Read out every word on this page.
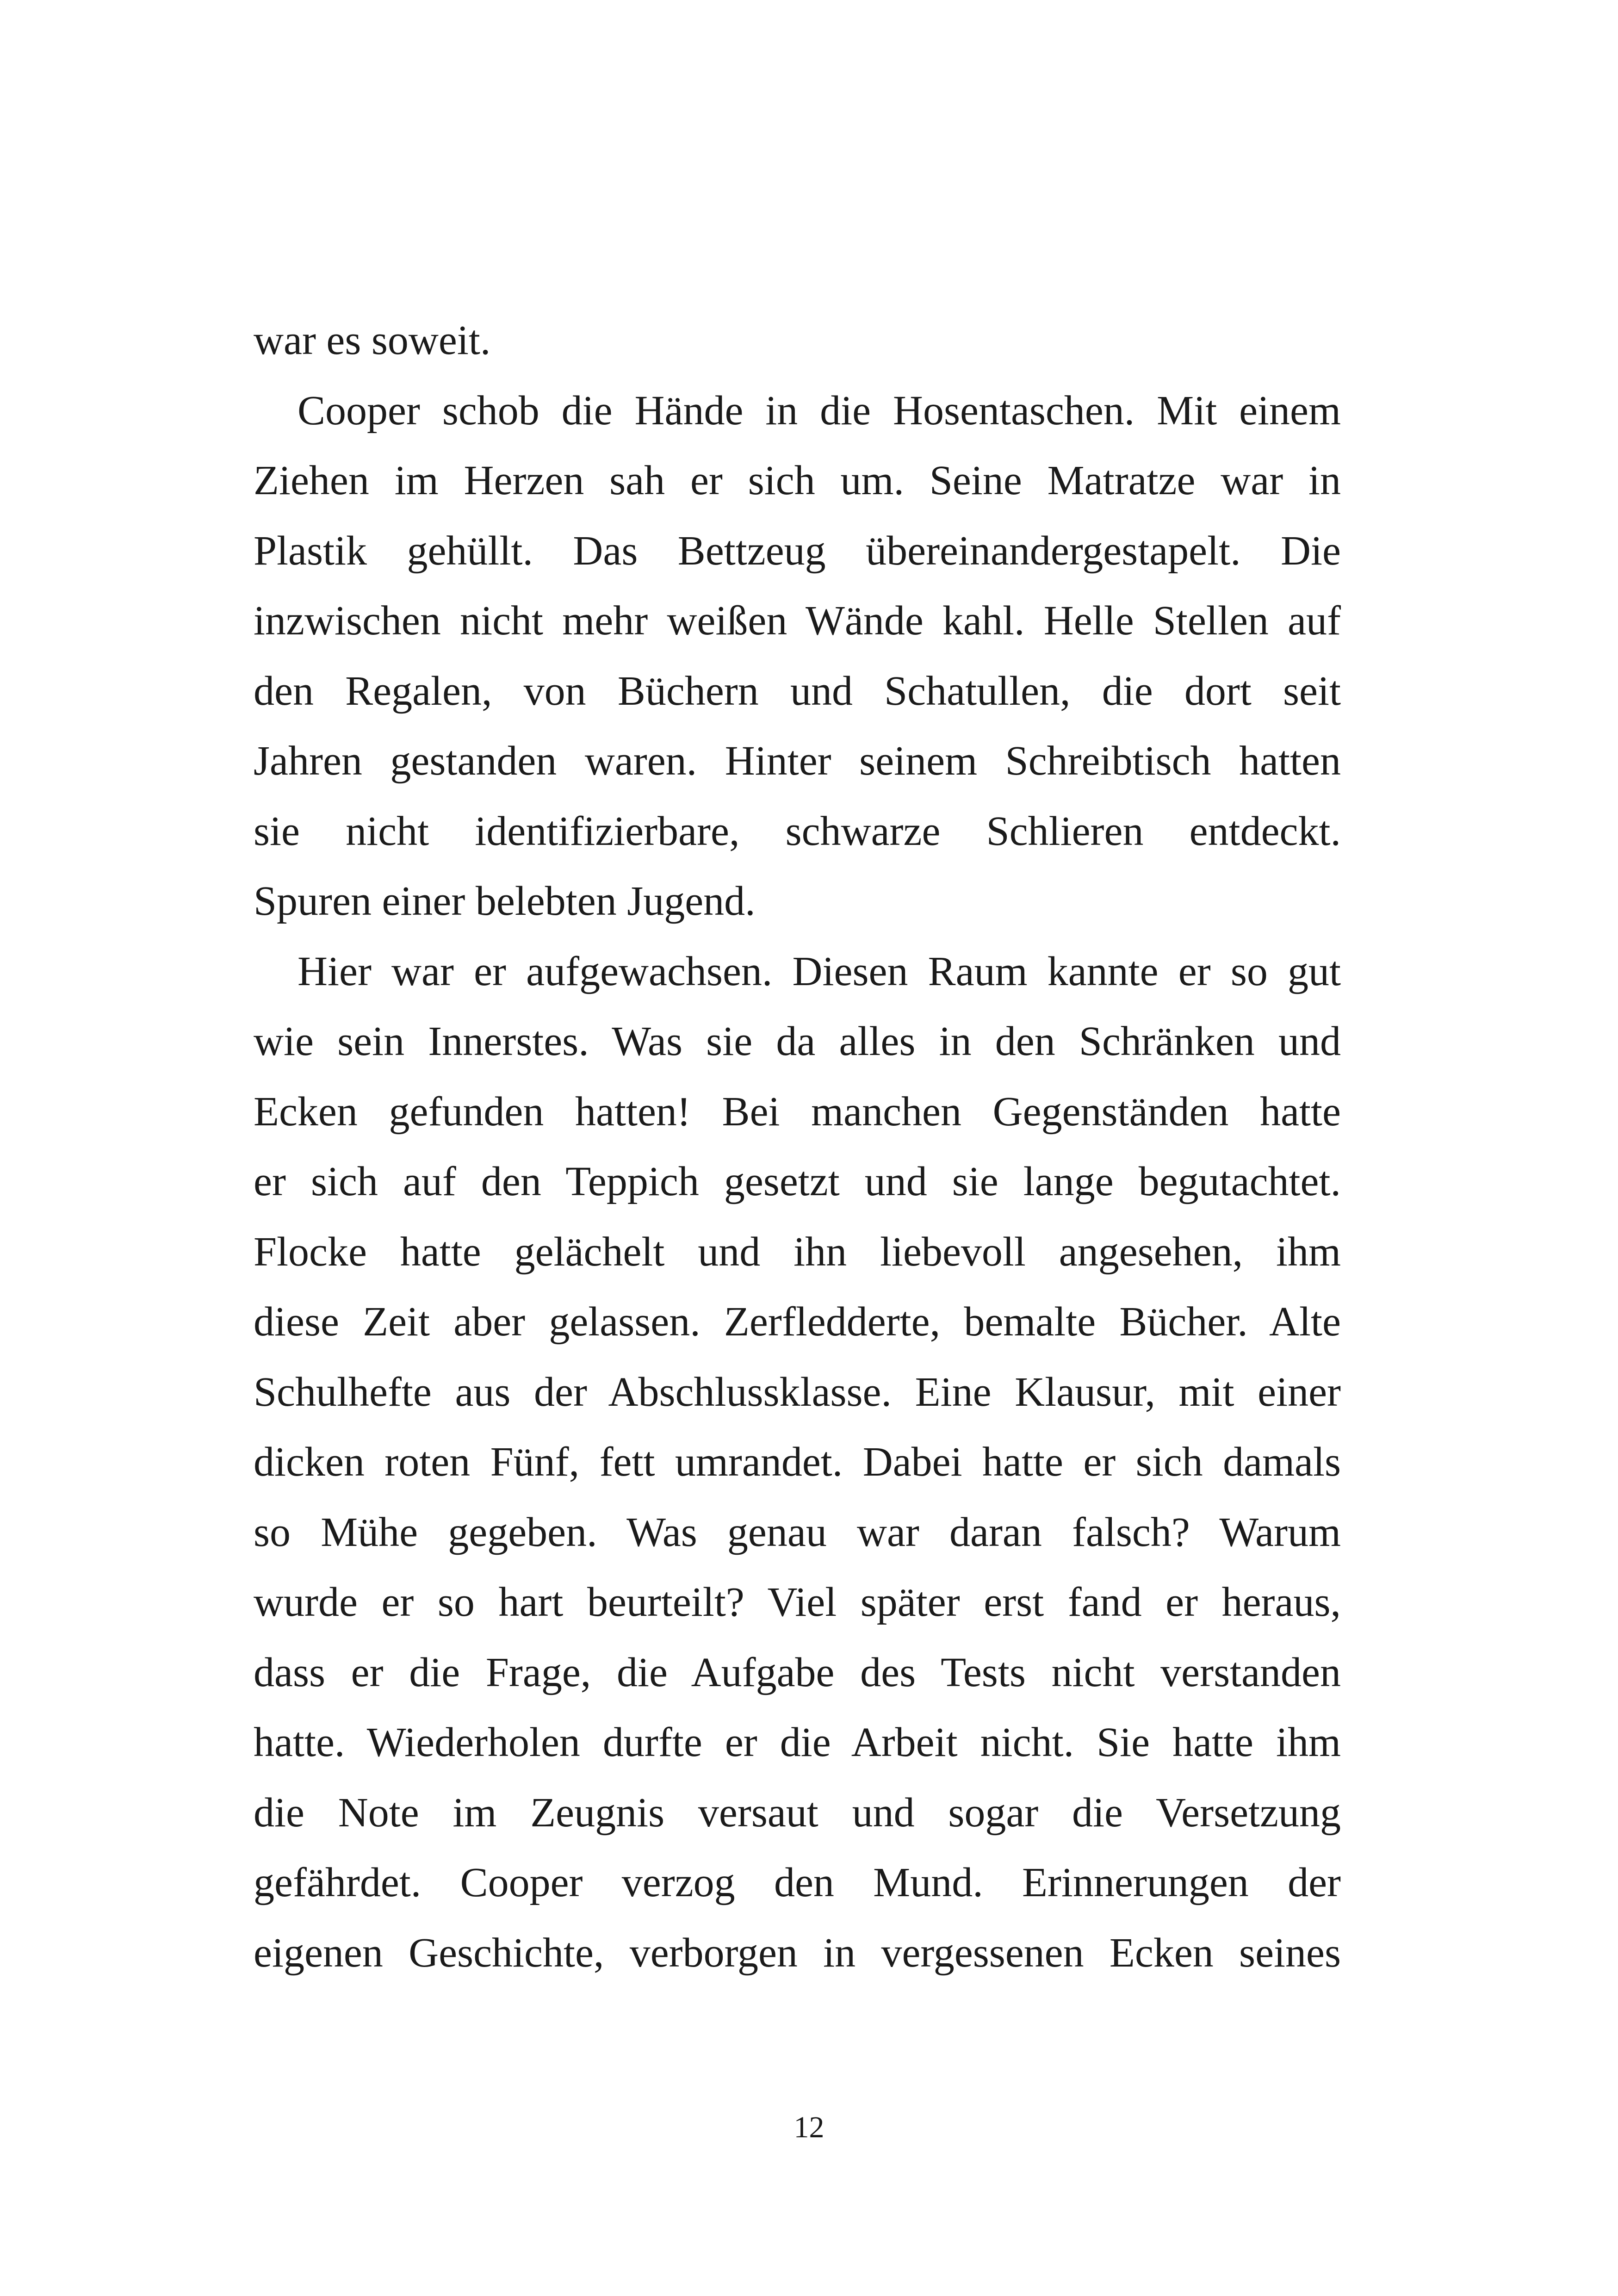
war es soweit.
Cooper schob die Hände in die Hosentaschen. Mit einem
Ziehen im Herzen sah er sich um. Seine Matratze war in
Plastik gehüllt. Das Bettzeug übereinandergestapelt. Die
inzwischen nicht mehr weißen Wände kahl. Helle Stellen auf
den Regalen, von Büchern und Schatullen, die dort seit
Jahren gestanden waren. Hinter seinem Schreibtisch hatten
sie nicht identifizierbare, schwarze Schlieren entdeckt.
Spuren einer belebten Jugend.
Hier war er aufgewachsen. Diesen Raum kannte er so gut
wie sein Innerstes. Was sie da alles in den Schränken und
Ecken gefunden hatten! Bei manchen Gegenständen hatte
er sich auf den Teppich gesetzt und sie lange begutachtet.
Flocke hatte gelächelt und ihn liebevoll angesehen, ihm
diese Zeit aber gelassen. Zerfledderte, bemalte Bücher. Alte
Schulhefte aus der Abschlussklasse. Eine Klausur, mit einer
dicken roten Fünf, fett umrandet. Dabei hatte er sich damals
so Mühe gegeben. Was genau war daran falsch? Warum
wurde er so hart beurteilt? Viel später erst fand er heraus,
dass er die Frage, die Aufgabe des Tests nicht verstanden
hatte. Wiederholen durfte er die Arbeit nicht. Sie hatte ihm
die Note im Zeugnis versaut und sogar die Versetzung
gefährdet. Cooper verzog den Mund. Erinnerungen der
eigenen Geschichte, verborgen in vergessenen Ecken seines
12
